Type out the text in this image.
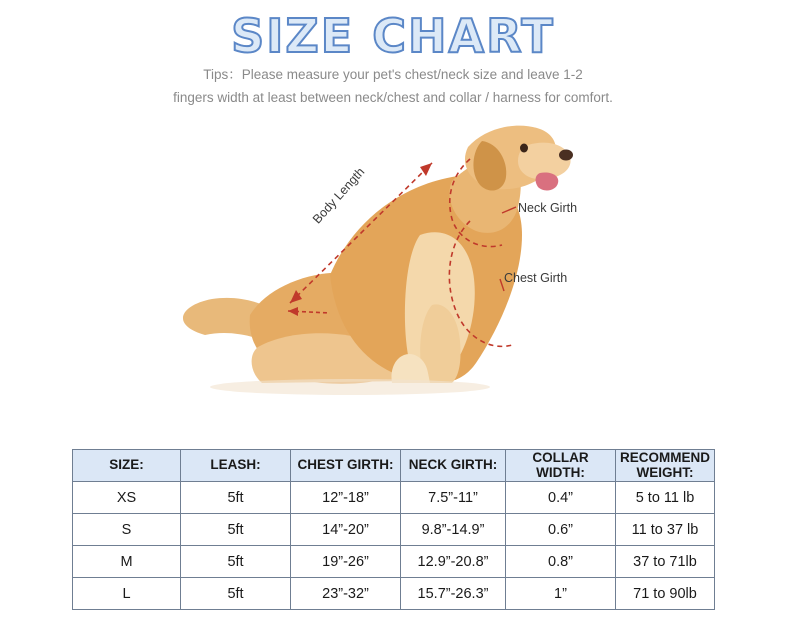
SIZE CHART
Tips：Please measure your pet's chest/neck size and leave 1-2
fingers width at least between neck/chest and collar / harness for comfort.
Neck Girth
Chest Girth
Body Length
SIZE:	LEASH:	CHEST GIRTH:	NECK GIRTH:	COLLAR WIDTH:	RECOMMEND
WEIGHT:

XS	5ft	12”-18”	7.5”-11”	0.4”	5 to 11 lb
S	5ft	14”-20”	9.8”-14.9”	0.6”	11 to 37 lb
M	5ft	19”-26”	12.9”-20.8”	0.8”	37 to 71lb
L	5ft	23”-32”	15.7”-26.3”	1”	71 to 90lb
